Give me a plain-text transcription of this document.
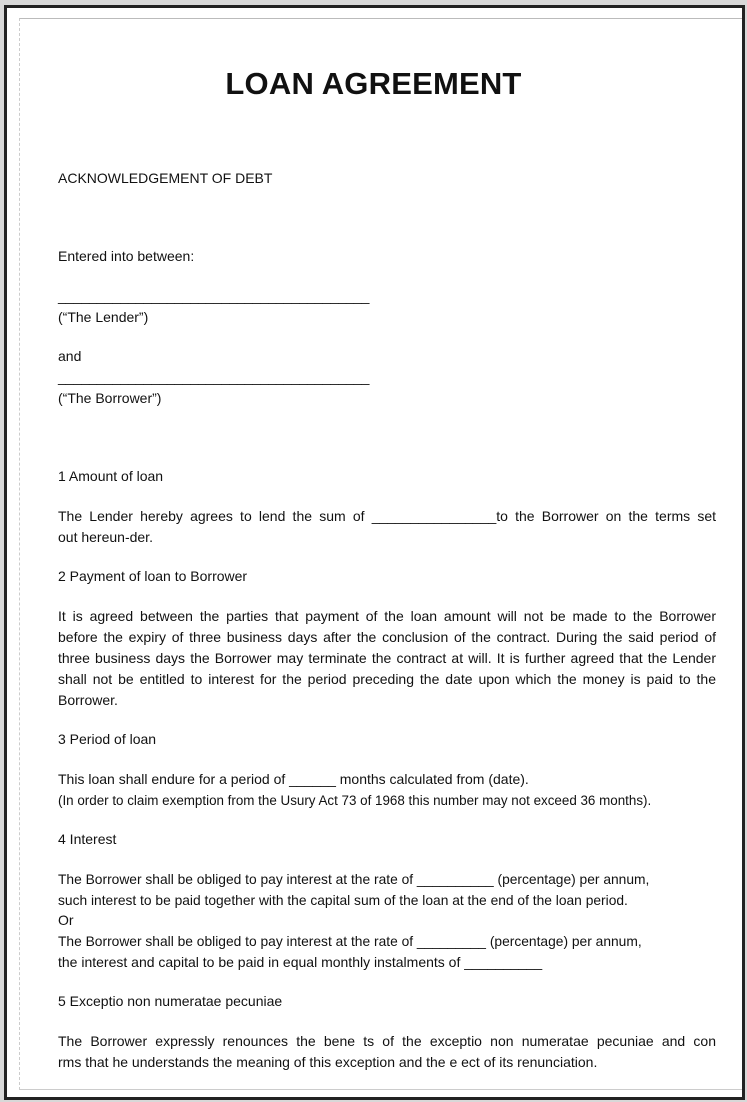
LOAN AGREEMENT
ACKNOWLEDGEMENT OF DEBT
Entered into between:
________________________________________
(“The Lender”)
and
________________________________________
(“The Borrower”)
1 Amount of loan
The Lender hereby agrees to lend the sum of ________________to the Borrower on the terms set
out hereun-der.
2 Payment of loan to Borrower
It is agreed between the parties that payment of the loan amount will not be made to the Borrower
before the expiry of three business days after the conclusion of the contract. During the said period of
three business days the Borrower may terminate the contract at will. It is further agreed that the Lender
shall not be entitled to interest for the period preceding the date upon which the money is paid to the
Borrower.
3 Period of loan
This loan shall endure for a period of ______ months calculated from (date).
(In order to claim exemption from the Usury Act 73 of 1968 this number may not exceed 36 months).
4 Interest
The Borrower shall be obliged to pay interest at the rate of __________ (percentage) per annum,
such interest to be paid together with the capital sum of the loan at the end of the loan period.
Or
The Borrower shall be obliged to pay interest at the rate of _________ (percentage) per annum,
the interest and capital to be paid in equal monthly instalments of __________
5 Exceptio non numeratae pecuniae
The Borrower expressly renounces the bene ts of the exceptio non numeratae pecuniae and con
rms that he understands the meaning of this exception and the e ect of its renunciation.
